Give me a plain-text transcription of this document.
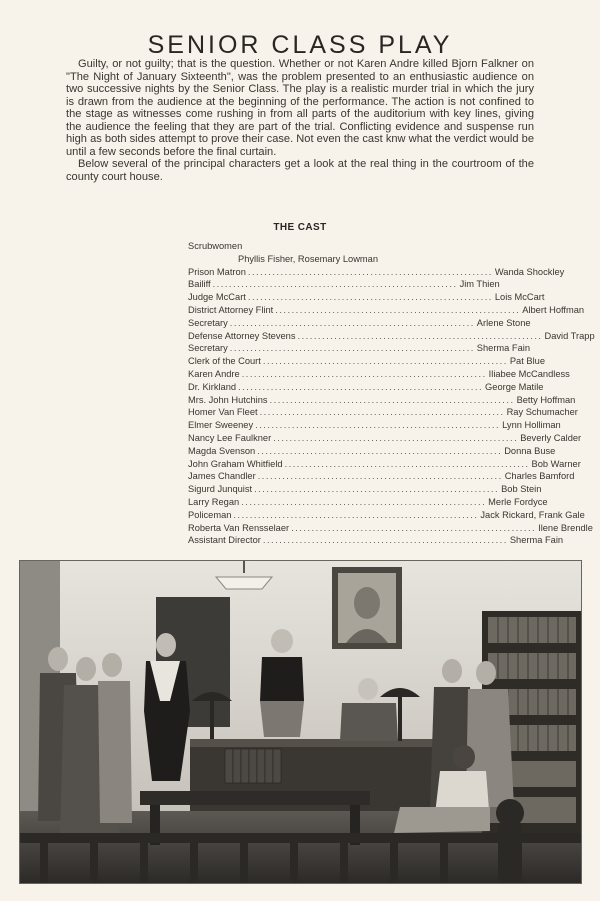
SENIOR CLASS PLAY

Guilty, or not guilty; that is the question. Whether or not Karen Andre killed Bjorn Falkner on "The Night of January Sixteenth", was the problem presented to an enthusiastic audience on two successive nights by the Senior Class. The play is a realistic murder trial in which the jury is drawn from the audience at the beginning of the performance. The action is not confined to the stage as witnesses come rushing in from all parts of the auditorium with key lines, giving the audience the feeling that they are part of the trial. Conflicting evidence and suspense run high as both sides attempt to prove their case. Not even the cast knw what the verdict would be until a few seconds before the final curtain.

Below several of the principal characters get a look at the real thing in the courtroom of the county court house.

THE CAST
Scrubwomen
Phyllis Fisher, Rosemary Lowman
Prison Matron ............................................................ Wanda Shockley
Bailiff ............................................................ Jim Thien
Judge McCart ............................................................ Lois McCart
District Attorney Flint ............................................................ Albert Hoffman
Secretary ............................................................ Arlene Stone
Defense Attorney Stevens ............................................................ David Trapp
Secretary ............................................................ Sherma Fain
Clerk of the Court ............................................................ Pat Blue
Karen Andre ............................................................ Iliabee McCandless
Dr. Kirkland ............................................................ George Matile
Mrs. John Hutchins ............................................................ Betty Hoffman
Homer Van Fleet ............................................................ Ray Schumacher
Elmer Sweeney ............................................................ Lynn Holliman
Nancy Lee Faulkner ............................................................ Beverly Calder
Magda Svenson ............................................................ Donna Buse
John Graham Whitfield ............................................................ Bob Warner
James Chandler ............................................................ Charles Bamford
Sigurd Junquist ............................................................ Bob Stein
Larry Regan ............................................................ Merle Fordyce
Policeman ............................................................ Jack Rickard, Frank Gale
Roberta Van Rensselaer ............................................................ Ilene Brendle
Assistant Director ............................................................ Sherma Fain
